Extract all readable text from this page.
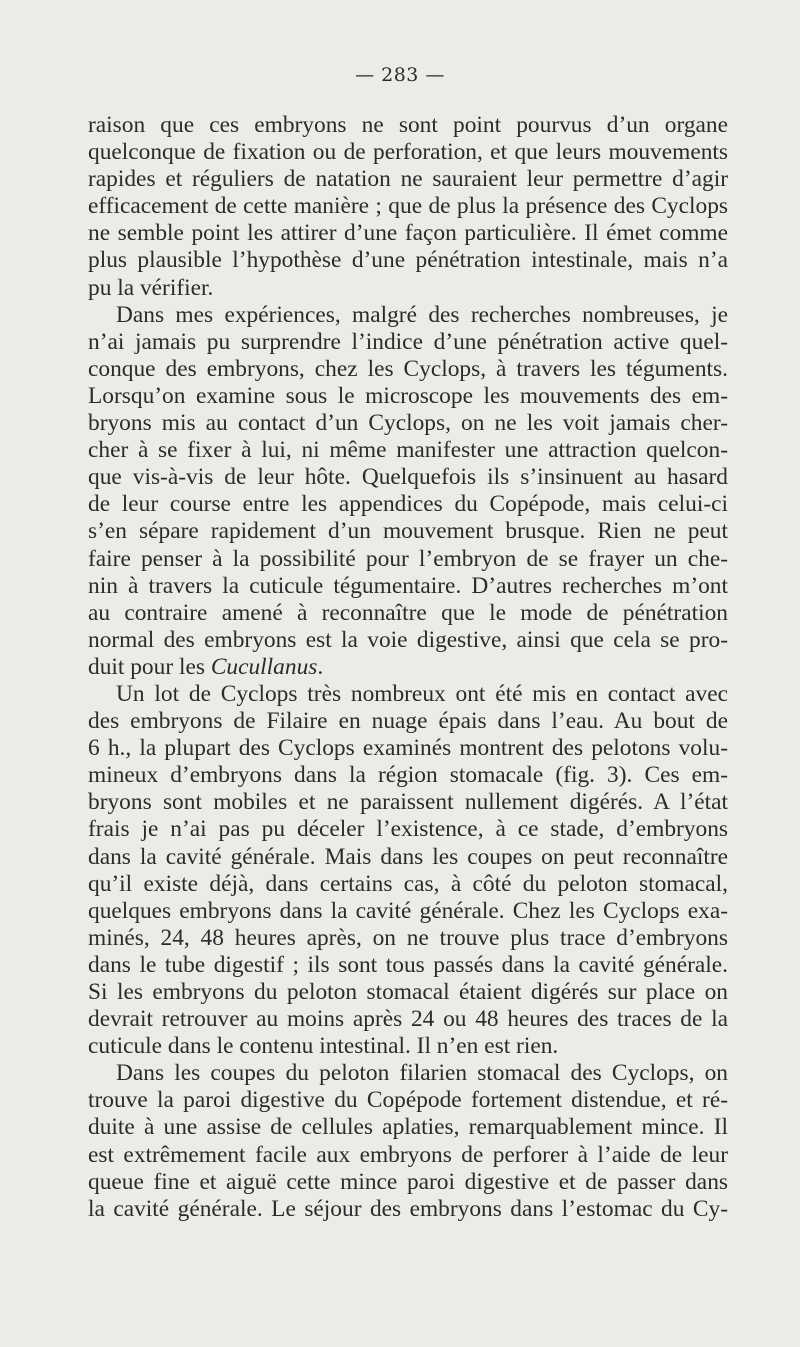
— 283 —

raison que ces embryons ne sont point pourvus d’un organe
quelconque de fixation ou de perforation, et que leurs mouvements
rapides et réguliers de natation ne sauraient leur permettre d’agir
efficacement de cette manière ; que de plus la présence des Cyclops
ne semble point les attirer d’une façon particulière. Il émet comme
plus plausible l’hypothèse d’une pénétration intestinale, mais n’a
pu la vérifier.

Dans mes expériences, malgré des recherches nombreuses, je
n’ai jamais pu surprendre l’indice d’une pénétration active quel-
conque des embryons, chez les Cyclops, à travers les téguments.
Lorsqu’on examine sous le microscope les mouvements des em-
bryons mis au contact d’un Cyclops, on ne les voit jamais cher-
cher à se fixer à lui, ni même manifester une attraction quelcon-
que vis-à-vis de leur hôte. Quelquefois ils s’insinuent au hasard
de leur course entre les appendices du Copépode, mais celui-ci
s’en sépare rapidement d’un mouvement brusque. Rien ne peut
faire penser à la possibilité pour l’embryon de se frayer un che-
nin à travers la cuticule tégumentaire. D’autres recherches m’ont
au contraire amené à reconnaître que le mode de pénétration
normal des embryons est la voie digestive, ainsi que cela se pro-
duit pour les Cucullanus.

Un lot de Cyclops très nombreux ont été mis en contact avec
des embryons de Filaire en nuage épais dans l’eau. Au bout de
6 h., la plupart des Cyclops examinés montrent des pelotons volu-
mineux d’embryons dans la région stomacale (fig. 3). Ces em-
bryons sont mobiles et ne paraissent nullement digérés. A l’état
frais je n’ai pas pu déceler l’existence, à ce stade, d’embryons
dans la cavité générale. Mais dans les coupes on peut reconnaître
qu’il existe déjà, dans certains cas, à côté du peloton stomacal,
quelques embryons dans la cavité générale. Chez les Cyclops exa-
minés, 24, 48 heures après, on ne trouve plus trace d’embryons
dans le tube digestif ; ils sont tous passés dans la cavité générale.
Si les embryons du peloton stomacal étaient digérés sur place on
devrait retrouver au moins après 24 ou 48 heures des traces de la
cuticule dans le contenu intestinal. Il n’en est rien.

Dans les coupes du peloton filarien stomacal des Cyclops, on
trouve la paroi digestive du Copépode fortement distendue, et ré-
duite à une assise de cellules aplaties, remarquablement mince. Il
est extrêmement facile aux embryons de perforer à l’aide de leur
queue fine et aiguë cette mince paroi digestive et de passer dans
la cavité générale. Le séjour des embryons dans l’estomac du Cy-
